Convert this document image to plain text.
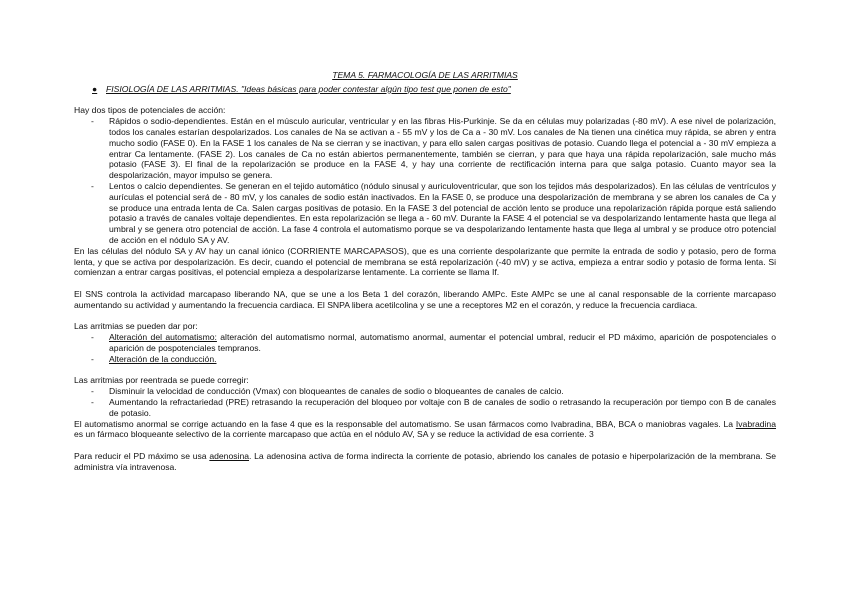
TEMA 5. FARMACOLOGÍA DE LAS ARRITMIAS
●	FISIOLOGÍA DE LAS ARRITMIAS. "Ideas básicas para poder contestar algún tipo test que ponen de esto"

Hay dos tipos de potenciales de acción:

-	Rápidos o sodio-dependientes. Están en el músculo auricular, ventricular y en las fibras His-Purkinje. Se da en células muy polarizadas (-80 mV). A ese nivel de polarización, todos los canales estarían despolarizados. Los canales de Na se activan a - 55 mV y los de Ca a - 30 mV. Los canales de Na tienen una cinética muy rápida, se abren y entra mucho sodio (FASE 0). En la FASE 1 los canales de Na se cierran y se inactivan, y para ello salen cargas positivas de potasio. Cuando llega el potencial a - 30 mV empieza a entrar Ca lentamente. (FASE 2). Los canales de Ca no están abiertos permanentemente, también se cierran, y para que haya una rápida repolarización, sale mucho más potasio (FASE 3). El final de la repolarización se produce en la FASE 4, y hay una corriente de rectificación interna para que salga potasio. Cuanto mayor sea la despolarización, mayor impulso se genera.
-	Lentos o calcio dependientes. Se generan en el tejido automático (nódulo sinusal y auriculoventricular, que son los tejidos más despolarizados). En las células de ventrículos y aurículas el potencial será de - 80 mV, y los canales de sodio están inactivados. En la FASE 0, se produce una despolarización de membrana y se abren los canales de Ca y se produce una entrada lenta de Ca. Salen cargas positivas de potasio. En la FASE 3 del potencial de acción lento se produce una repolarización rápida porque está saliendo potasio a través de canales voltaje dependientes. En esta repolarización se llega a - 60 mV. Durante la FASE 4 el potencial se va despolarizando lentamente hasta que llega al umbral y se genera otro potencial de acción. La fase 4 controla el automatismo porque se va despolarizando lentamente hasta que llega al umbral y se produce otro potencial de acción en el nódulo SA y AV.

En las células del nódulo SA y AV hay un canal iónico (CORRIENTE MARCAPASOS), que es una corriente despolarizante que permite la entrada de sodio y potasio, pero de forma lenta, y que se activa por despolarización. Es decir, cuando el potencial de membrana se está repolarización (-40 mV) y se activa, empieza a entrar sodio y potasio de forma lenta. Si comienzan a entrar cargas positivas, el potencial empieza a despolarizarse lentamente. La corriente se llama If.

El SNS controla la actividad marcapaso liberando NA, que se une a los Beta 1 del corazón, liberando AMPc. Este AMPc se une al canal responsable de la corriente marcapaso aumentando su actividad y aumentando la frecuencia cardiaca. El SNPA libera acetilcolina y se une a receptores M2 en el corazón, y reduce la frecuencia cardiaca.

Las arritmias se pueden dar por:

-	Alteración del automatismo: alteración del automatismo normal, automatismo anormal, aumentar el potencial umbral, reducir el PD máximo, aparición de pospotenciales o aparición de pospotenciales tempranos.
-	Alteración de la conducción.

Las arritmias por reentrada se puede corregir:

-	Disminuir la velocidad de conducción (Vmax) con bloqueantes de canales de sodio o bloqueantes de canales de calcio.
-	Aumentando la refractariedad (PRE) retrasando la recuperación del bloqueo por voltaje con B de canales de sodio o retrasando la recuperación por tiempo con B de canales de potasio.

El automatismo anormal se corrige actuando en la fase 4 que es la responsable del automatismo. Se usan fármacos como Ivabradina, BBA, BCA o maniobras vagales. La Ivabradina es un fármaco bloqueante selectivo de la corriente marcapaso que actúa en el nódulo AV, SA y se reduce la actividad de esa corriente. 3

Para reducir el PD máximo se usa adenosina. La adenosina activa de forma indirecta la corriente de potasio, abriendo los canales de potasio e hiperpolarización de la membrana. Se administra vía intravenosa.
